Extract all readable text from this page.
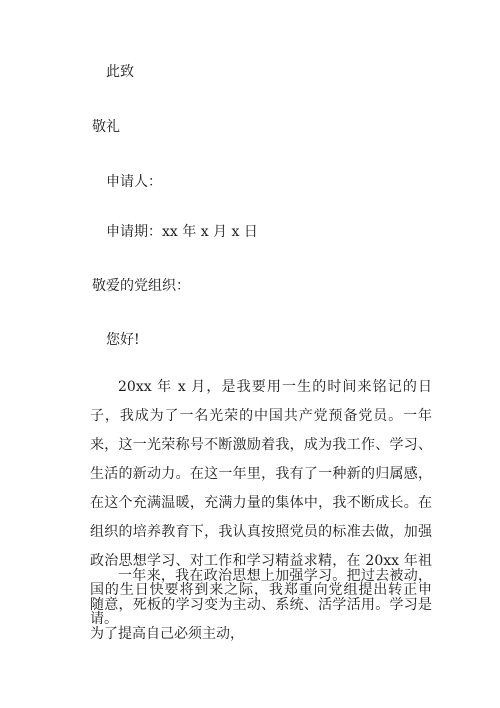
此致
敬礼
申请人：
申请期：xx 年 x 月 x 日
敬爱的党组织：
您好!

20xx 年 x 月，是我要用一生的时间来铭记的日子，我成为了一名光荣的中国共产党预备党员。一年来，这一光荣称号不断激励着我，成为我工作、学习、生活的新动力。在这一年里，我有了一种新的归属感，在这个充满温暖，充满力量的集体中，我不断成长。在组织的培养教育下，我认真按照党员的标准去做，加强政治思想学习、对工作和学习精益求精，在 20xx 年祖国的生日快要将到来之际，我郑重向党组提出转正申请。

一年来，我在政治思想上加强学习。把过去被动，随意，死板的学习变为主动、系统、活学活用。学习是为了提高自己必须主动，
